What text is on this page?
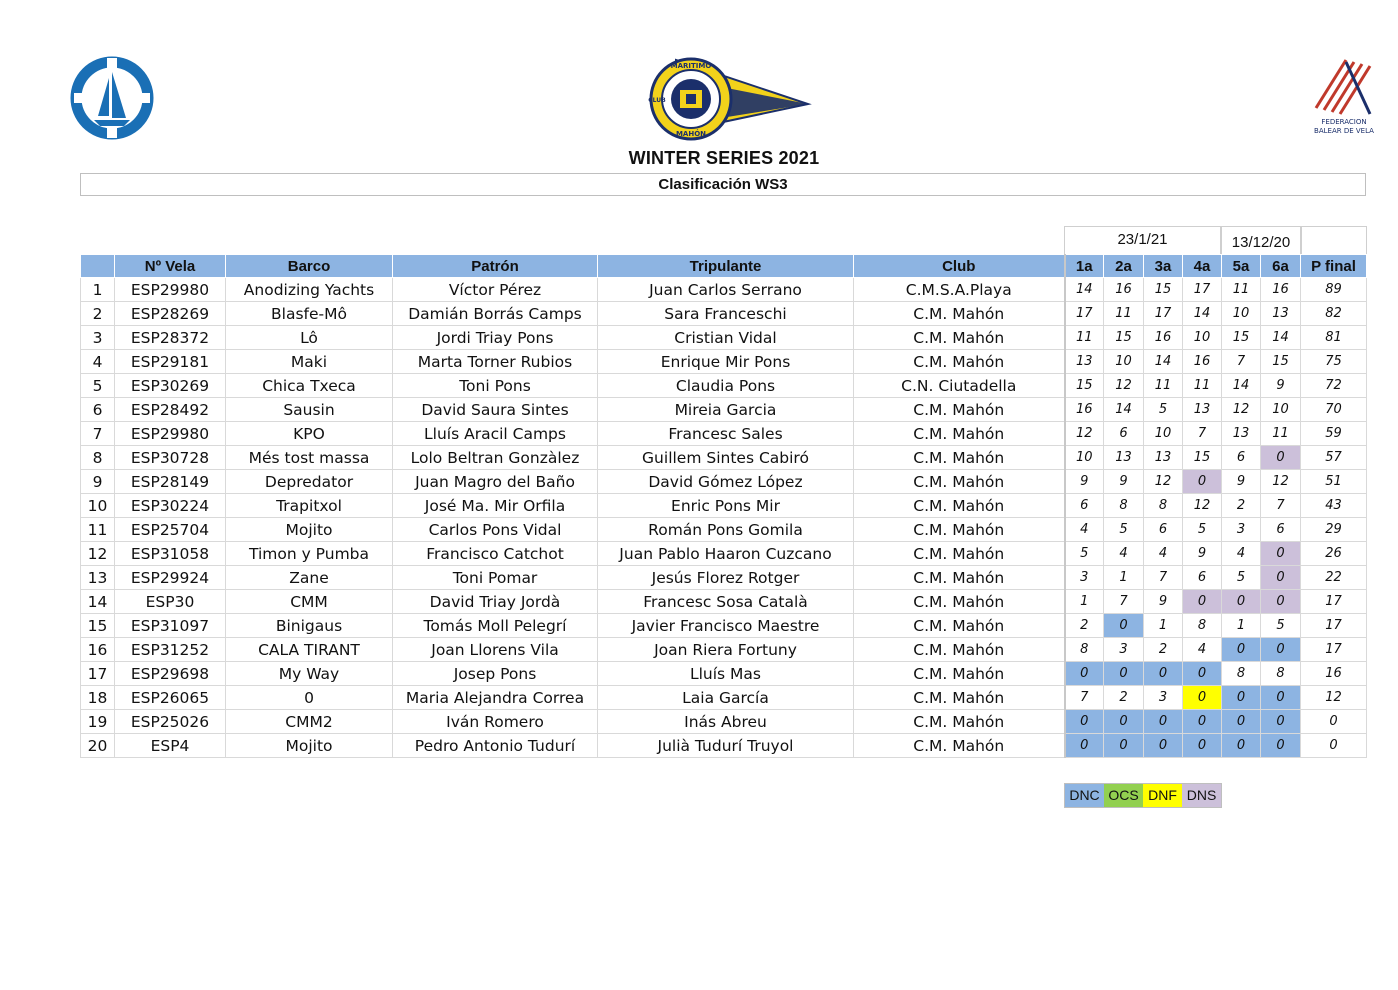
MARITIMO
CLUB
MAHÓN
FEDERACION
BALEAR DE VELA
WINTER SERIES 2021
Clasificación WS3
23/1/21	13/12/20
	Nº Vela	Barco	Patrón	Tripulante	Club	1a	2a	3a	4a	5a	6a	P final
1	ESP29980	Anodizing Yachts	Víctor Pérez	Juan Carlos Serrano	C.M.S.A.Playa	14	16	15	17	11	16	89
2	ESP28269	Blasfe-Mô	Damián Borrás Camps	Sara Franceschi	C.M. Mahón	17	11	17	14	10	13	82
3	ESP28372	Lô	Jordi Triay Pons	Cristian Vidal	C.M. Mahón	11	15	16	10	15	14	81
4	ESP29181	Maki	Marta Torner Rubios	Enrique Mir Pons	C.M. Mahón	13	10	14	16	7	15	75
5	ESP30269	Chica Txeca	Toni Pons	Claudia Pons	C.N. Ciutadella	15	12	11	11	14	9	72
6	ESP28492	Sausin	David Saura Sintes	Mireia Garcia	C.M. Mahón	16	14	5	13	12	10	70
7	ESP29980	KPO	Lluís Aracil Camps	Francesc Sales	C.M. Mahón	12	6	10	7	13	11	59
8	ESP30728	Més tost massa	Lolo Beltran Gonzàlez	Guillem Sintes Cabiró	C.M. Mahón	10	13	13	15	6	0	57
9	ESP28149	Depredator	Juan Magro del Baño	David Gómez López	C.M. Mahón	9	9	12	0	9	12	51
10	ESP30224	Trapitxol	José Ma. Mir Orfila	Enric Pons Mir	C.M. Mahón	6	8	8	12	2	7	43
11	ESP25704	Mojito	Carlos Pons Vidal	Román Pons Gomila	C.M. Mahón	4	5	6	5	3	6	29
12	ESP31058	Timon y Pumba	Francisco Catchot	Juan Pablo Haaron Cuzcano	C.M. Mahón	5	4	4	9	4	0	26
13	ESP29924	Zane	Toni Pomar	Jesús Florez Rotger	C.M. Mahón	3	1	7	6	5	0	22
14	ESP30	CMM	David Triay Jordà	Francesc Sosa Català	C.M. Mahón	1	7	9	0	0	0	17
15	ESP31097	Binigaus	Tomás Moll Pelegrí	Javier Francisco Maestre	C.M. Mahón	2	0	1	8	1	5	17
16	ESP31252	CALA TIRANT	Joan Llorens Vila	Joan Riera Fortuny	C.M. Mahón	8	3	2	4	0	0	17
17	ESP29698	My Way	Josep Pons	Lluís Mas	C.M. Mahón	0	0	0	0	8	8	16
18	ESP26065	0	Maria Alejandra Correa	Laia García	C.M. Mahón	7	2	3	0	0	0	12
19	ESP25026	CMM2	Iván Romero	Inás Abreu	C.M. Mahón	0	0	0	0	0	0	0
20	ESP4	Mojito	Pedro Antonio Tudurí	Julià Tudurí Truyol	C.M. Mahón	0	0	0	0	0	0	0
DNC OCS DNF DNS
